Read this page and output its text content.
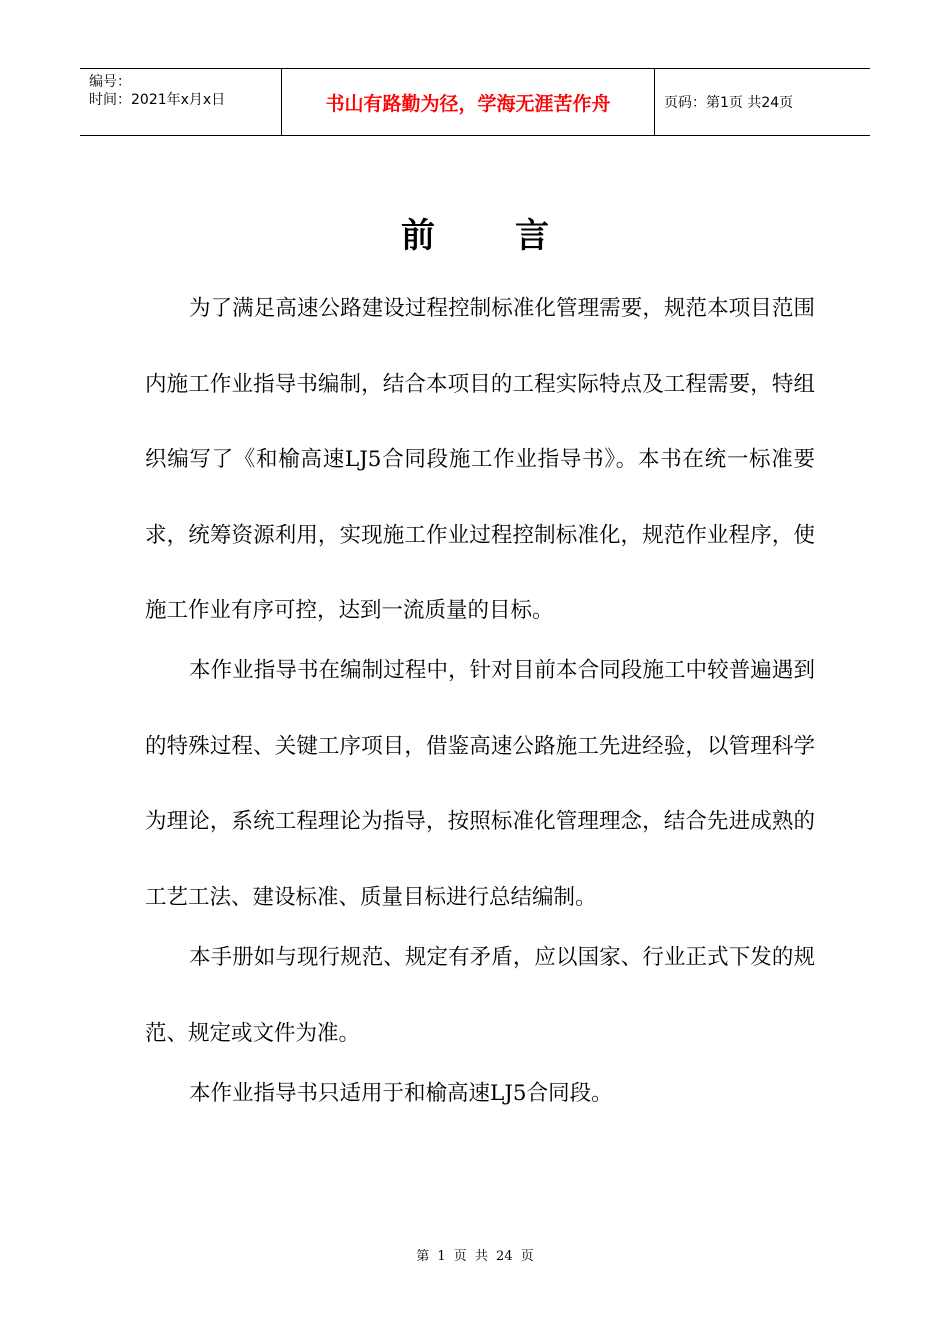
编号：
时间：2021年x月x日	书山有路勤为径，学海无涯苦作舟	页码：第1页 共24页
前言

为了满足高速公路建设过程控制标准化管理需要，规范本项目范围内施工作业指导书编制，结合本项目的工程实际特点及工程需要，特组织编写了《和榆高速LJ5合同段施工作业指导书》。本书在统一标准要求，统筹资源利用，实现施工作业过程控制标准化，规范作业程序，使施工作业有序可控，达到一流质量的目标。

本作业指导书在编制过程中，针对目前本合同段施工中较普遍遇到的特殊过程、关键工序项目，借鉴高速公路施工先进经验，以管理科学为理论，系统工程理论为指导，按照标准化管理理念，结合先进成熟的工艺工法、建设标准、质量目标进行总结编制。

本手册如与现行规范、规定有矛盾，应以国家、行业正式下发的规范、规定或文件为准。

本作业指导书只适用于和榆高速LJ5合同段。

第 1 页 共 24 页
